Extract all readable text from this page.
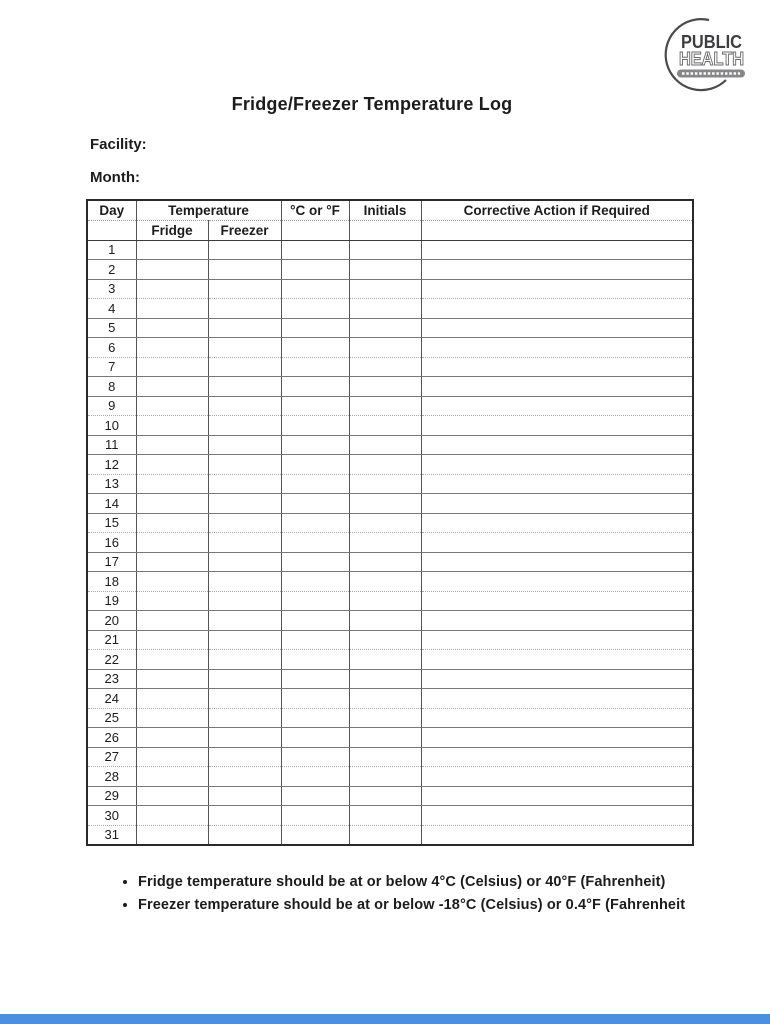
PUBLIC
HEALTH
Fridge/Freezer Temperature Log
Facility:
Month:
Day	Temperature		°C or °F	Initials	Corrective Action if Required
	Fridge	Freezer			
1					
2					
3					
4					
5					
6					
7					
8					
9					
10					
11					
12					
13					
14					
15					
16					
17					
18					
19					
20					
21					
22					
23					
24					
25					
26					
27					
28					
29					
30					
31					
• Fridge temperature should be at or below 4°C (Celsius) or 40°F (Fahrenheit)
• Freezer temperature should be at or below -18°C (Celsius) or 0.4°F (Fahrenheit
